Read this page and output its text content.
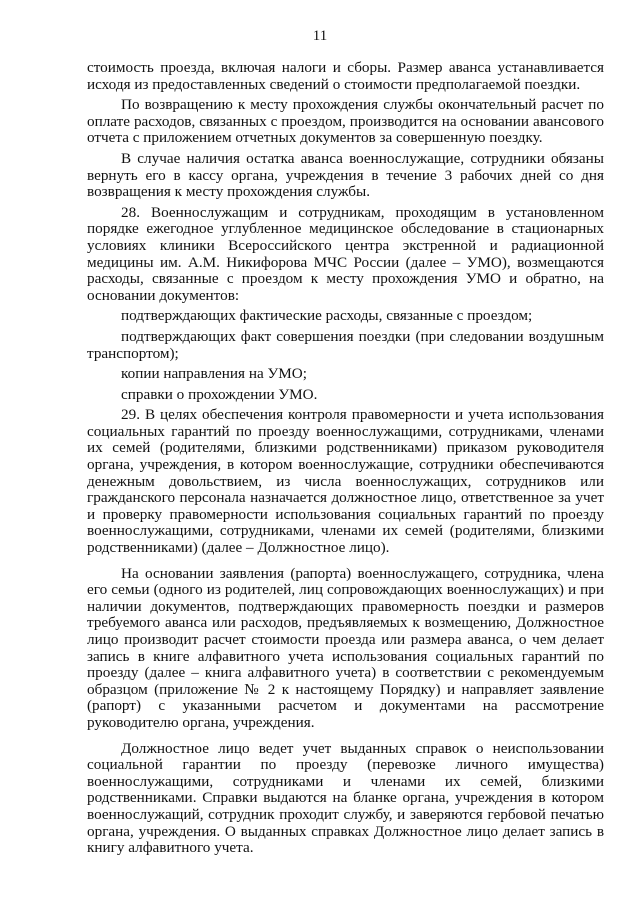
11

стоимость проезда, включая налоги и сборы. Размер аванса устанавливается исходя из предоставленных сведений о стоимости предполагаемой поездки.

По возвращению к месту прохождения службы окончательный расчет по оплате расходов, связанных с проездом, производится на основании авансового отчета с приложением отчетных документов за совершенную поездку.

В случае наличия остатка аванса военнослужащие, сотрудники обязаны вернуть его в кассу органа, учреждения в течение 3 рабочих дней со дня возвращения к месту прохождения службы.

28. Военнослужащим и сотрудникам, проходящим в установленном порядке ежегодное углубленное медицинское обследование в стационарных условиях клиники Всероссийского центра экстренной и радиационной медицины им. А.М. Никифорова МЧС России (далее – УМО), возмещаются расходы, связанные с проездом к месту прохождения УМО и обратно, на основании документов:

подтверждающих фактические расходы, связанные с проездом;

подтверждающих факт совершения поездки (при следовании воздушным транспортом);

копии направления на УМО;

справки о прохождении УМО.

29. В целях обеспечения контроля правомерности и учета использования социальных гарантий по проезду военнослужащими, сотрудниками, членами их семей (родителями, близкими родственниками) приказом руководителя органа, учреждения, в котором военнослужащие, сотрудники обеспечиваются денежным довольствием, из числа военнослужащих, сотрудников или гражданского персонала назначается должностное лицо, ответственное за учет и проверку правомерности использования социальных гарантий по проезду военнослужащими, сотрудниками, членами их семей (родителями, близкими родственниками) (далее – Должностное лицо).

На основании заявления (рапорта) военнослужащего, сотрудника, члена его семьи (одного из родителей, лиц сопровождающих военнослужащих) и при наличии документов, подтверждающих правомерность поездки и размеров требуемого аванса или расходов, предъявляемых к возмещению, Должностное лицо производит расчет стоимости проезда или размера аванса, о чем делает запись в книге алфавитного учета использования социальных гарантий по проезду (далее – книга алфавитного учета) в соответствии с рекомендуемым образцом (приложение № 2 к настоящему Порядку) и направляет заявление (рапорт) с указанными расчетом и документами на рассмотрение руководителю органа, учреждения.

Должностное лицо ведет учет выданных справок о неиспользовании социальной гарантии по проезду (перевозке личного имущества) военнослужащими, сотрудниками и членами их семей, близкими родственниками. Справки выдаются на бланке органа, учреждения в котором военнослужащий, сотрудник проходит службу, и заверяются гербовой печатью органа, учреждения. О выданных справках Должностное лицо делает запись в книгу алфавитного учета.
